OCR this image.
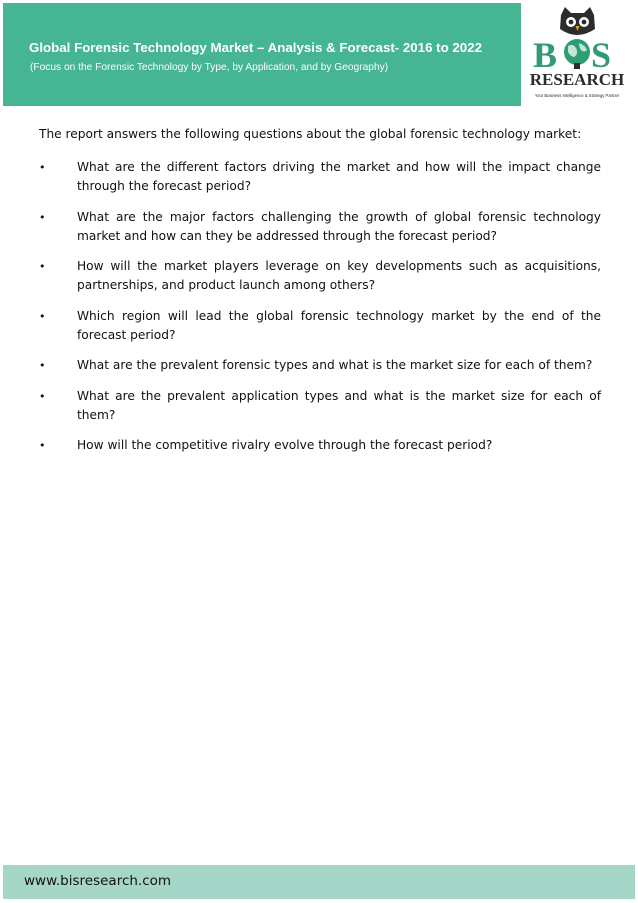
Global Forensic Technology Market – Analysis & Forecast- 2016 to 2022

(Focus on the Forensic Technology by Type, by Application, and by Geography)	B S
RESEARCH
Your Business Intelligence & Strategy Partner

The report answers the following questions about the global forensic technology market:

•	What are the different factors driving the market and how will the impact change through the forecast period?
•	What are the major factors challenging the growth of global forensic technology market and how can they be addressed through the forecast period?
•	How will the market players leverage on key developments such as acquisitions, partnerships, and product launch among others?
•	Which region will lead the global forensic technology market by the end of the forecast period?
•	What are the prevalent forensic types and what is the market size for each of them?
•	What are the prevalent application types and what is the market size for each of them?
•	How will the competitive rivalry evolve through the forecast period?
www.bisresearch.com
